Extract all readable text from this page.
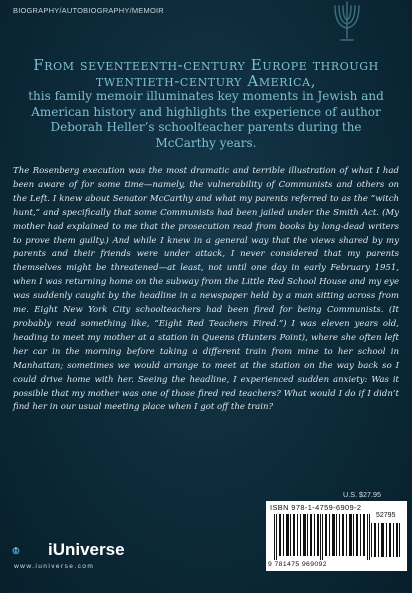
BIOGRAPHY/AUTOBIOGRAPHY/MEMOIR
From seventeenth-century Europe through twentieth-century America,
this family memoir illuminates key moments in Jewish and American history and highlights the experience of author Deborah Heller’s schoolteacher parents during the McCarthy years.
The Rosenberg execution was the most dramatic and terrible illustration of what I had been aware of for some time—namely, the vulnerability of Communists and others on the Left. I knew about Senator McCarthy and what my parents referred to as the “witch hunt,” and specifically that some Communists had been jailed under the Smith Act. (My mother had explained to me that the prosecution read from books by long-dead writers to prove them guilty.) And while I knew in a general way that the views shared by my parents and their friends were under attack, I never considered that my parents themselves might be threatened—at least, not until one day in early February 1951, when I was returning home on the subway from the Little Red School House and my eye was suddenly caught by the headline in a newspaper held by a man sitting across from me. Eight New York City schoolteachers had been fired for being Communists. (It probably read something like, “Eight Red Teachers Fired.”) I was eleven years old, heading to meet my mother at a station in Queens (Hunters Point), where she often left her car in the morning before taking a different train from mine to her school in Manhattan; sometimes we would arrange to meet at the station on the way back so I could drive home with her. Seeing the headline, I experienced sudden anxiety: Was it possible that my mother was one of those fired red teachers? What would I do if I didn’t find her in our usual meeting place when I got off the train?
U.S. $27.95
ISBN 978-1-4759-6909-2
52795
9 781475 969092
iUniverse
www.iuniverse.com
